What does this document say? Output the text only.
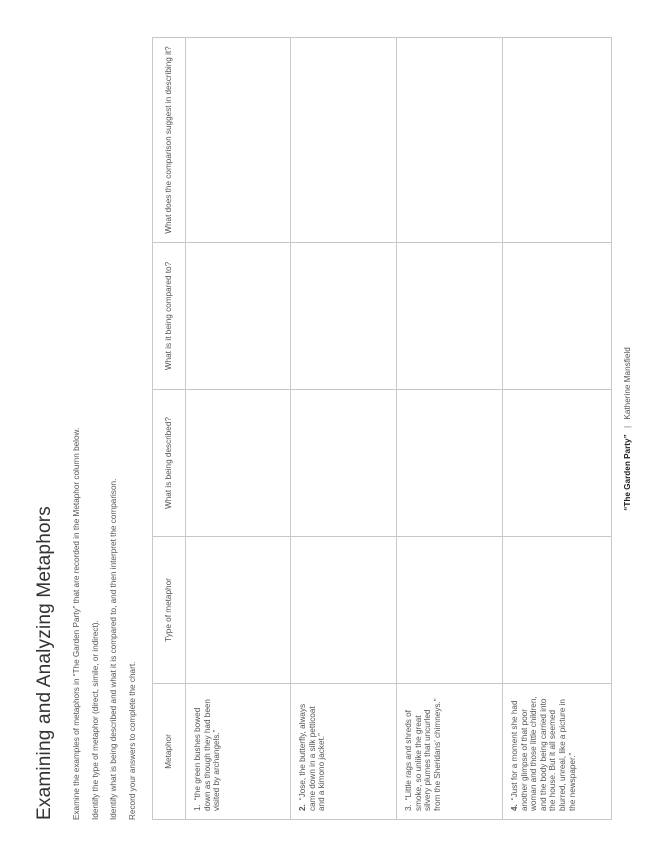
Examining and Analyzing Metaphors Examine the examples of metaphors in “The Garden Party” that are recorded in the Metaphor column below. Identify the type of metaphor (direct, simile, or indirect). Identify what is being described and what it is compared to, and then interpret the comparison. Record your answers to complete the chart.	Metaphor	Type of metaphor	What is being described?	What is it being compared to?	What does the comparison suggest in describing it?
1.“the green bushes bowed down as though they had been visited by archangels.”				
2.“Jose, the butterfly, always came down in a silk petticoat and a kimono jacket.”				
3.“Little rags and shreds of smoke, so unlike the great silvery plumes that uncurled from the Sheridans’ chimneys.”				
4.“Just for a moment she had another glimpse of that poor woman and those little children, and the body being carried into the house. But it all seemed blurred, unreal, like a picture in the newspaper.”				
“The Garden Party” | Katherine Mansfield
